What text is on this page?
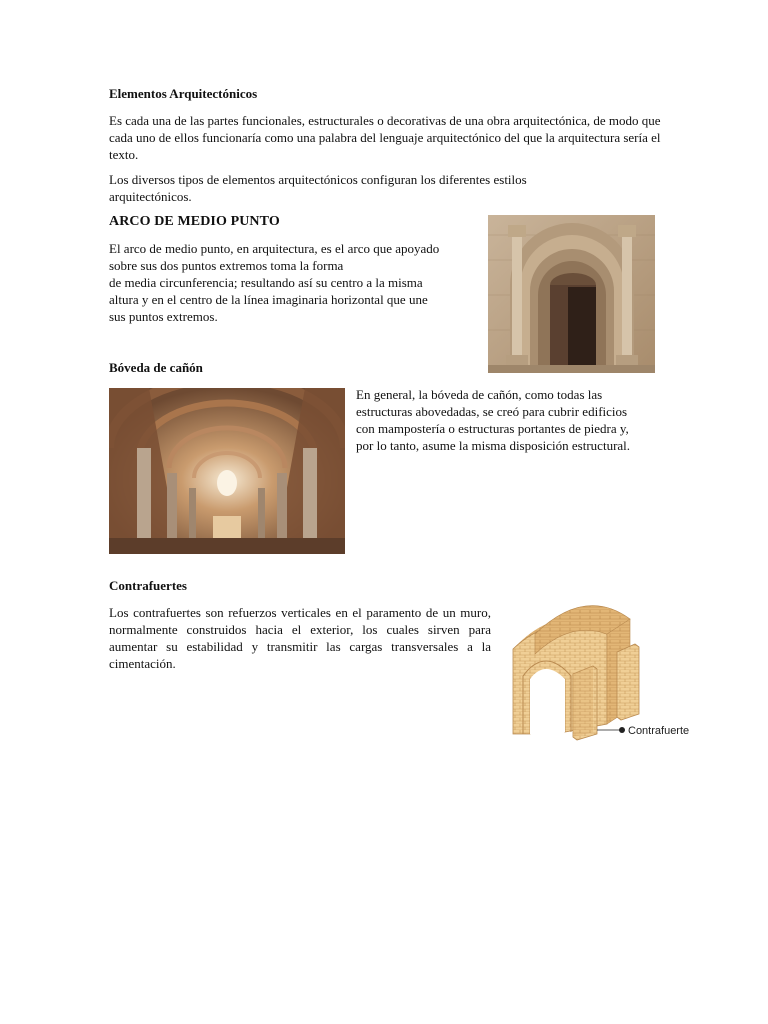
Elementos Arquitectónicos
Es cada una de las partes funcionales, estructurales o decorativas de una obra arquitectónica, de modo que cada uno de ellos funcionaría como una palabra del lenguaje arquitectónico del que la arquitectura sería el texto.
Los diversos tipos de elementos arquitectónicos configuran los diferentes estilos arquitectónicos.
ARCO DE MEDIO PUNTO
El arco de medio punto, en arquitectura, es el arco que apoyado
sobre sus dos puntos extremos toma la forma
de media circunferencia; resultando así su centro a la misma
altura y en el centro de la línea imaginaria horizontal que une
sus puntos extremos.
Bóveda de cañón
En general, la bóveda de cañón, como todas las
estructuras abovedadas, se creó para cubrir edificios
con mampostería o estructuras portantes de piedra y,
por lo tanto, asume la misma disposición estructural.
Contrafuertes
Los contrafuertes son refuerzos verticales en el paramento de un muro, normalmente construidos hacia el exterior, los cuales sirven para aumentar su estabilidad y transmitir las cargas transversales a la cimentación.
Contrafuerte
